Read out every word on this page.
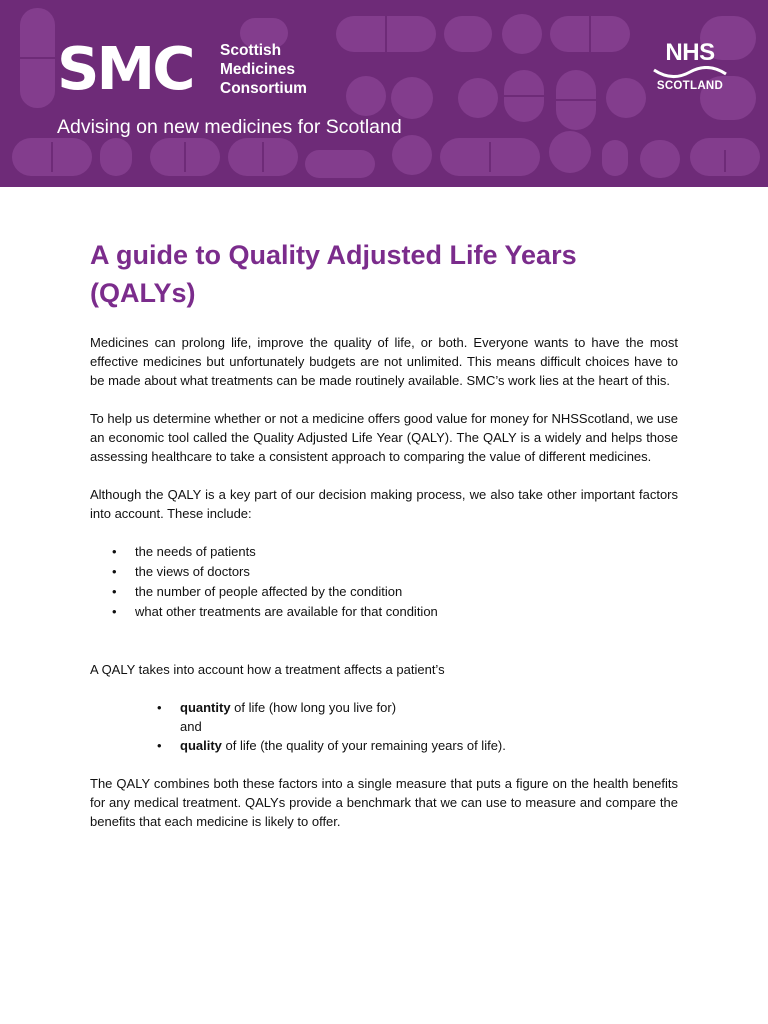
SMC Scottish
Medicines
Consortium
Advising on new medicines for Scotland
NHS
SCOTLAND
A guide to Quality Adjusted Life Years (QALYs)

Medicines can prolong life, improve the quality of life, or both. Everyone wants to have the most effective medicines but unfortunately budgets are not unlimited. This means difficult choices have to be made about what treatments can be made routinely available. SMC’s work lies at the heart of this.

To help us determine whether or not a medicine offers good value for money for NHSScotland, we use an economic tool called the Quality Adjusted Life Year (QALY). The QALY is a widely and helps those assessing healthcare to take a consistent approach to comparing the value of different medicines.

Although the QALY is a key part of our decision making process, we also take other important factors into account. These include:

• the needs of patients
• the views of doctors
• the number of people affected by the condition
• what other treatments are available for that condition

A QALY takes into account how a treatment affects a patient’s

• quantity of life (how long you live for)
and
• quality of life (the quality of your remaining years of life).

The QALY combines both these factors into a single measure that puts a figure on the health benefits for any medical treatment. QALYs provide a benchmark that we can use to measure and compare the benefits that each medicine is likely to offer.
